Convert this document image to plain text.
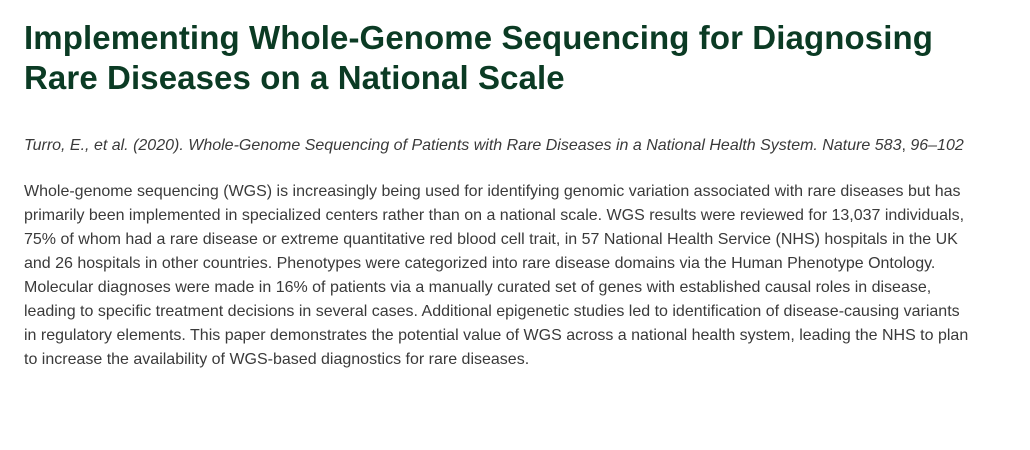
Implementing Whole-Genome Sequencing for Diagnosing Rare Diseases on a National Scale

Turro, E., et al. (2020). Whole-Genome Sequencing of Patients with Rare Diseases in a National Health System. Nature 583, 96–102

Whole-genome sequencing (WGS) is increasingly being used for identifying genomic variation associated with rare diseases but has primarily been implemented in specialized centers rather than on a national scale. WGS results were reviewed for 13,037 individuals, 75% of whom had a rare disease or extreme quantitative red blood cell trait, in 57 National Health Service (NHS) hospitals in the UK and 26 hospitals in other countries. Phenotypes were categorized into rare disease domains via the Human Phenotype Ontology. Molecular diagnoses were made in 16% of patients via a manually curated set of genes with established causal roles in disease, leading to specific treatment decisions in several cases. Additional epigenetic studies led to identification of disease-causing variants in regulatory elements. This paper demonstrates the potential value of WGS across a national health system, leading the NHS to plan to increase the availability of WGS-based diagnostics for rare diseases.
